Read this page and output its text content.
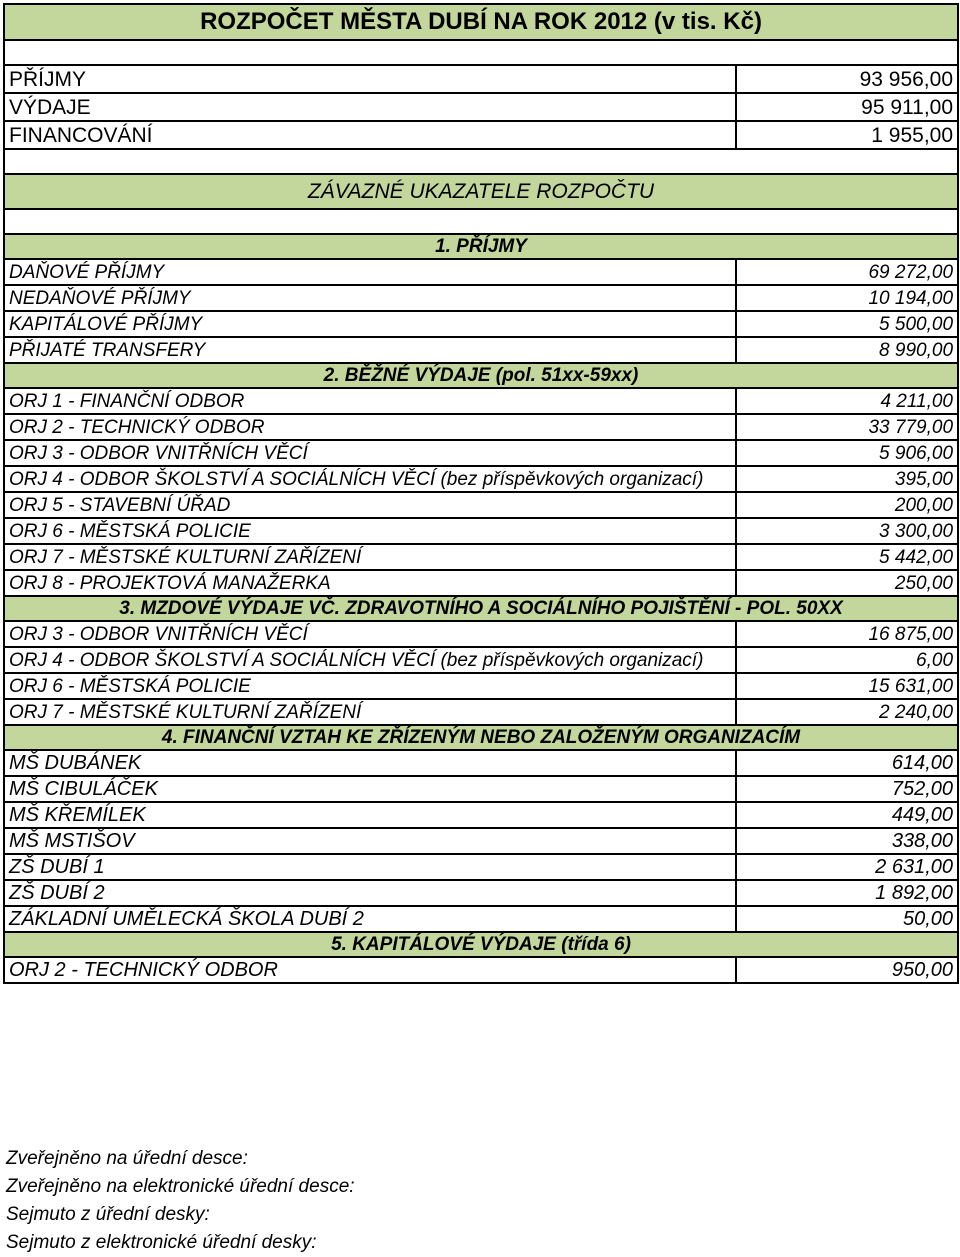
ROZPOČET MĚSTA DUBÍ NA ROK 2012 (v tis. Kč)	

PŘÍJMY	93 956,00
VÝDAJE	95 911,00
FINANCOVÁNÍ	1 955,00

ZÁVAZNÉ UKAZATELE ROZPOČTU	

1. PŘÍJMY	
DAŇOVÉ PŘÍJMY	69 272,00
NEDAŇOVÉ PŘÍJMY	10 194,00
KAPITÁLOVÉ PŘÍJMY	5 500,00
PŘIJATÉ TRANSFERY	8 990,00
2. BĚŽNÉ VÝDAJE (pol. 51xx-59xx)	
ORJ 1 - FINANČNÍ ODBOR	4 211,00
ORJ 2 - TECHNICKÝ ODBOR	33 779,00
ORJ 3 - ODBOR VNITŘNÍCH VĚCÍ	5 906,00
ORJ 4 - ODBOR ŠKOLSTVÍ A SOCIÁLNÍCH VĚCÍ (bez příspěvkových organizací)	395,00
ORJ 5 - STAVEBNÍ ÚŘAD	200,00
ORJ 6 - MĚSTSKÁ POLICIE	3 300,00
ORJ 7 - MĚSTSKÉ KULTURNÍ ZAŘÍZENÍ	5 442,00
ORJ 8 - PROJEKTOVÁ MANAŽERKA	250,00
3. MZDOVÉ VÝDAJE VČ. ZDRAVOTNÍHO A SOCIÁLNÍHO POJIŠTĚNÍ - POL. 50XX	
ORJ 3 - ODBOR VNITŘNÍCH VĚCÍ	16 875,00
ORJ 4 - ODBOR ŠKOLSTVÍ A SOCIÁLNÍCH VĚCÍ (bez příspěvkových organizací)	6,00
ORJ 6 - MĚSTSKÁ POLICIE	15 631,00
ORJ 7 - MĚSTSKÉ KULTURNÍ ZAŘÍZENÍ	2 240,00
4. FINANČNÍ VZTAH KE ZŘÍZENÝM NEBO ZALOŽENÝM ORGANIZACÍM	
MŠ DUBÁNEK	614,00
MŠ CIBULÁČEK	752,00
MŠ KŘEMÍLEK	449,00
MŠ MSTIŠOV	338,00
ZŠ DUBÍ 1	2 631,00
ZŠ DUBÍ 2	1 892,00
ZÁKLADNÍ UMĚLECKÁ ŠKOLA DUBÍ 2	50,00
5. KAPITÁLOVÉ VÝDAJE (třída 6)	
ORJ 2 - TECHNICKÝ ODBOR	950,00
Zveřejněno na úřední desce:
Zveřejněno na elektronické úřední desce:
Sejmuto z úřední desky:
Sejmuto z elektronické úřední desky:
